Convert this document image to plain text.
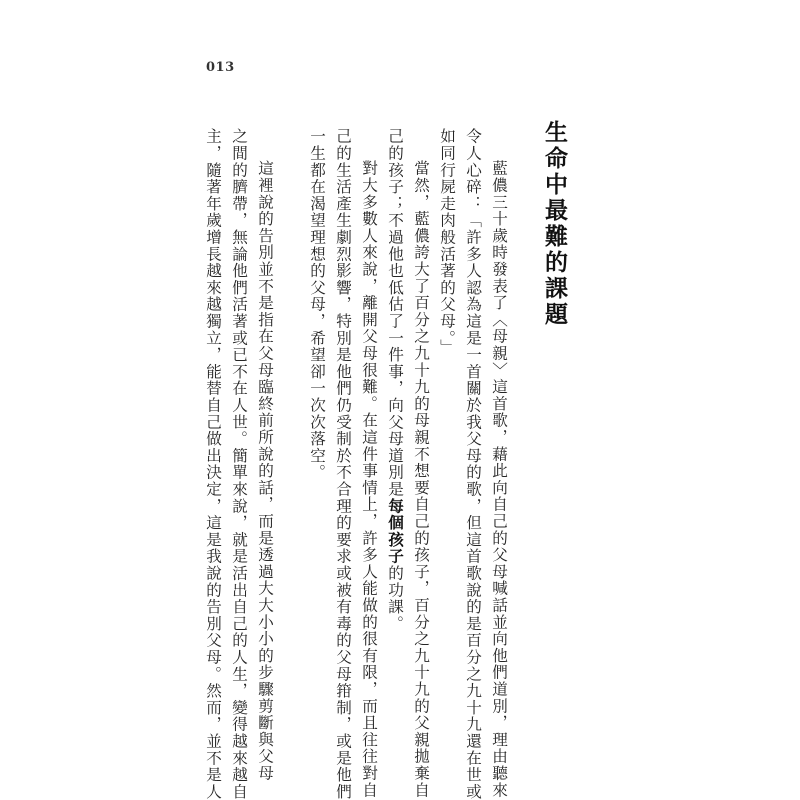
013
生命中最難的課題
藍儂三十歲時發表了〈母親〉這首歌，藉此向自己的父母喊話並向他們道別，理由聽來
令人心碎：「許多人認為這是一首關於我父母的歌，但這首歌說的是百分之九十九還在世或
如同行屍走肉般活著的父母。」
當然，藍儂誇大了百分之九十九的母親不想要自己的孩子，百分之九十九的父親拋棄自
己的孩子；不過他也低估了一件事，向父母道別是每個孩子的功課。
對大多數人來說，離開父母很難。在這件事情上，許多人能做的很有限，而且往往對自
己的生活產生劇烈影響，特別是他們仍受制於不合理的要求或被有毒的父母箝制，或是他們
一生都在渴望理想的父母，希望卻一次次落空。
這裡說的告別並不是指在父母臨終前所說的話，而是透過大大小小的步驟剪斷與父母
之間的臍帶，無論他們活著或已不在人世。簡單來說，就是活出自己的人生，變得越來越自
主，隨著年歲增長越來越獨立，能替自己做出決定，這是我說的告別父母。然而，並不是人
